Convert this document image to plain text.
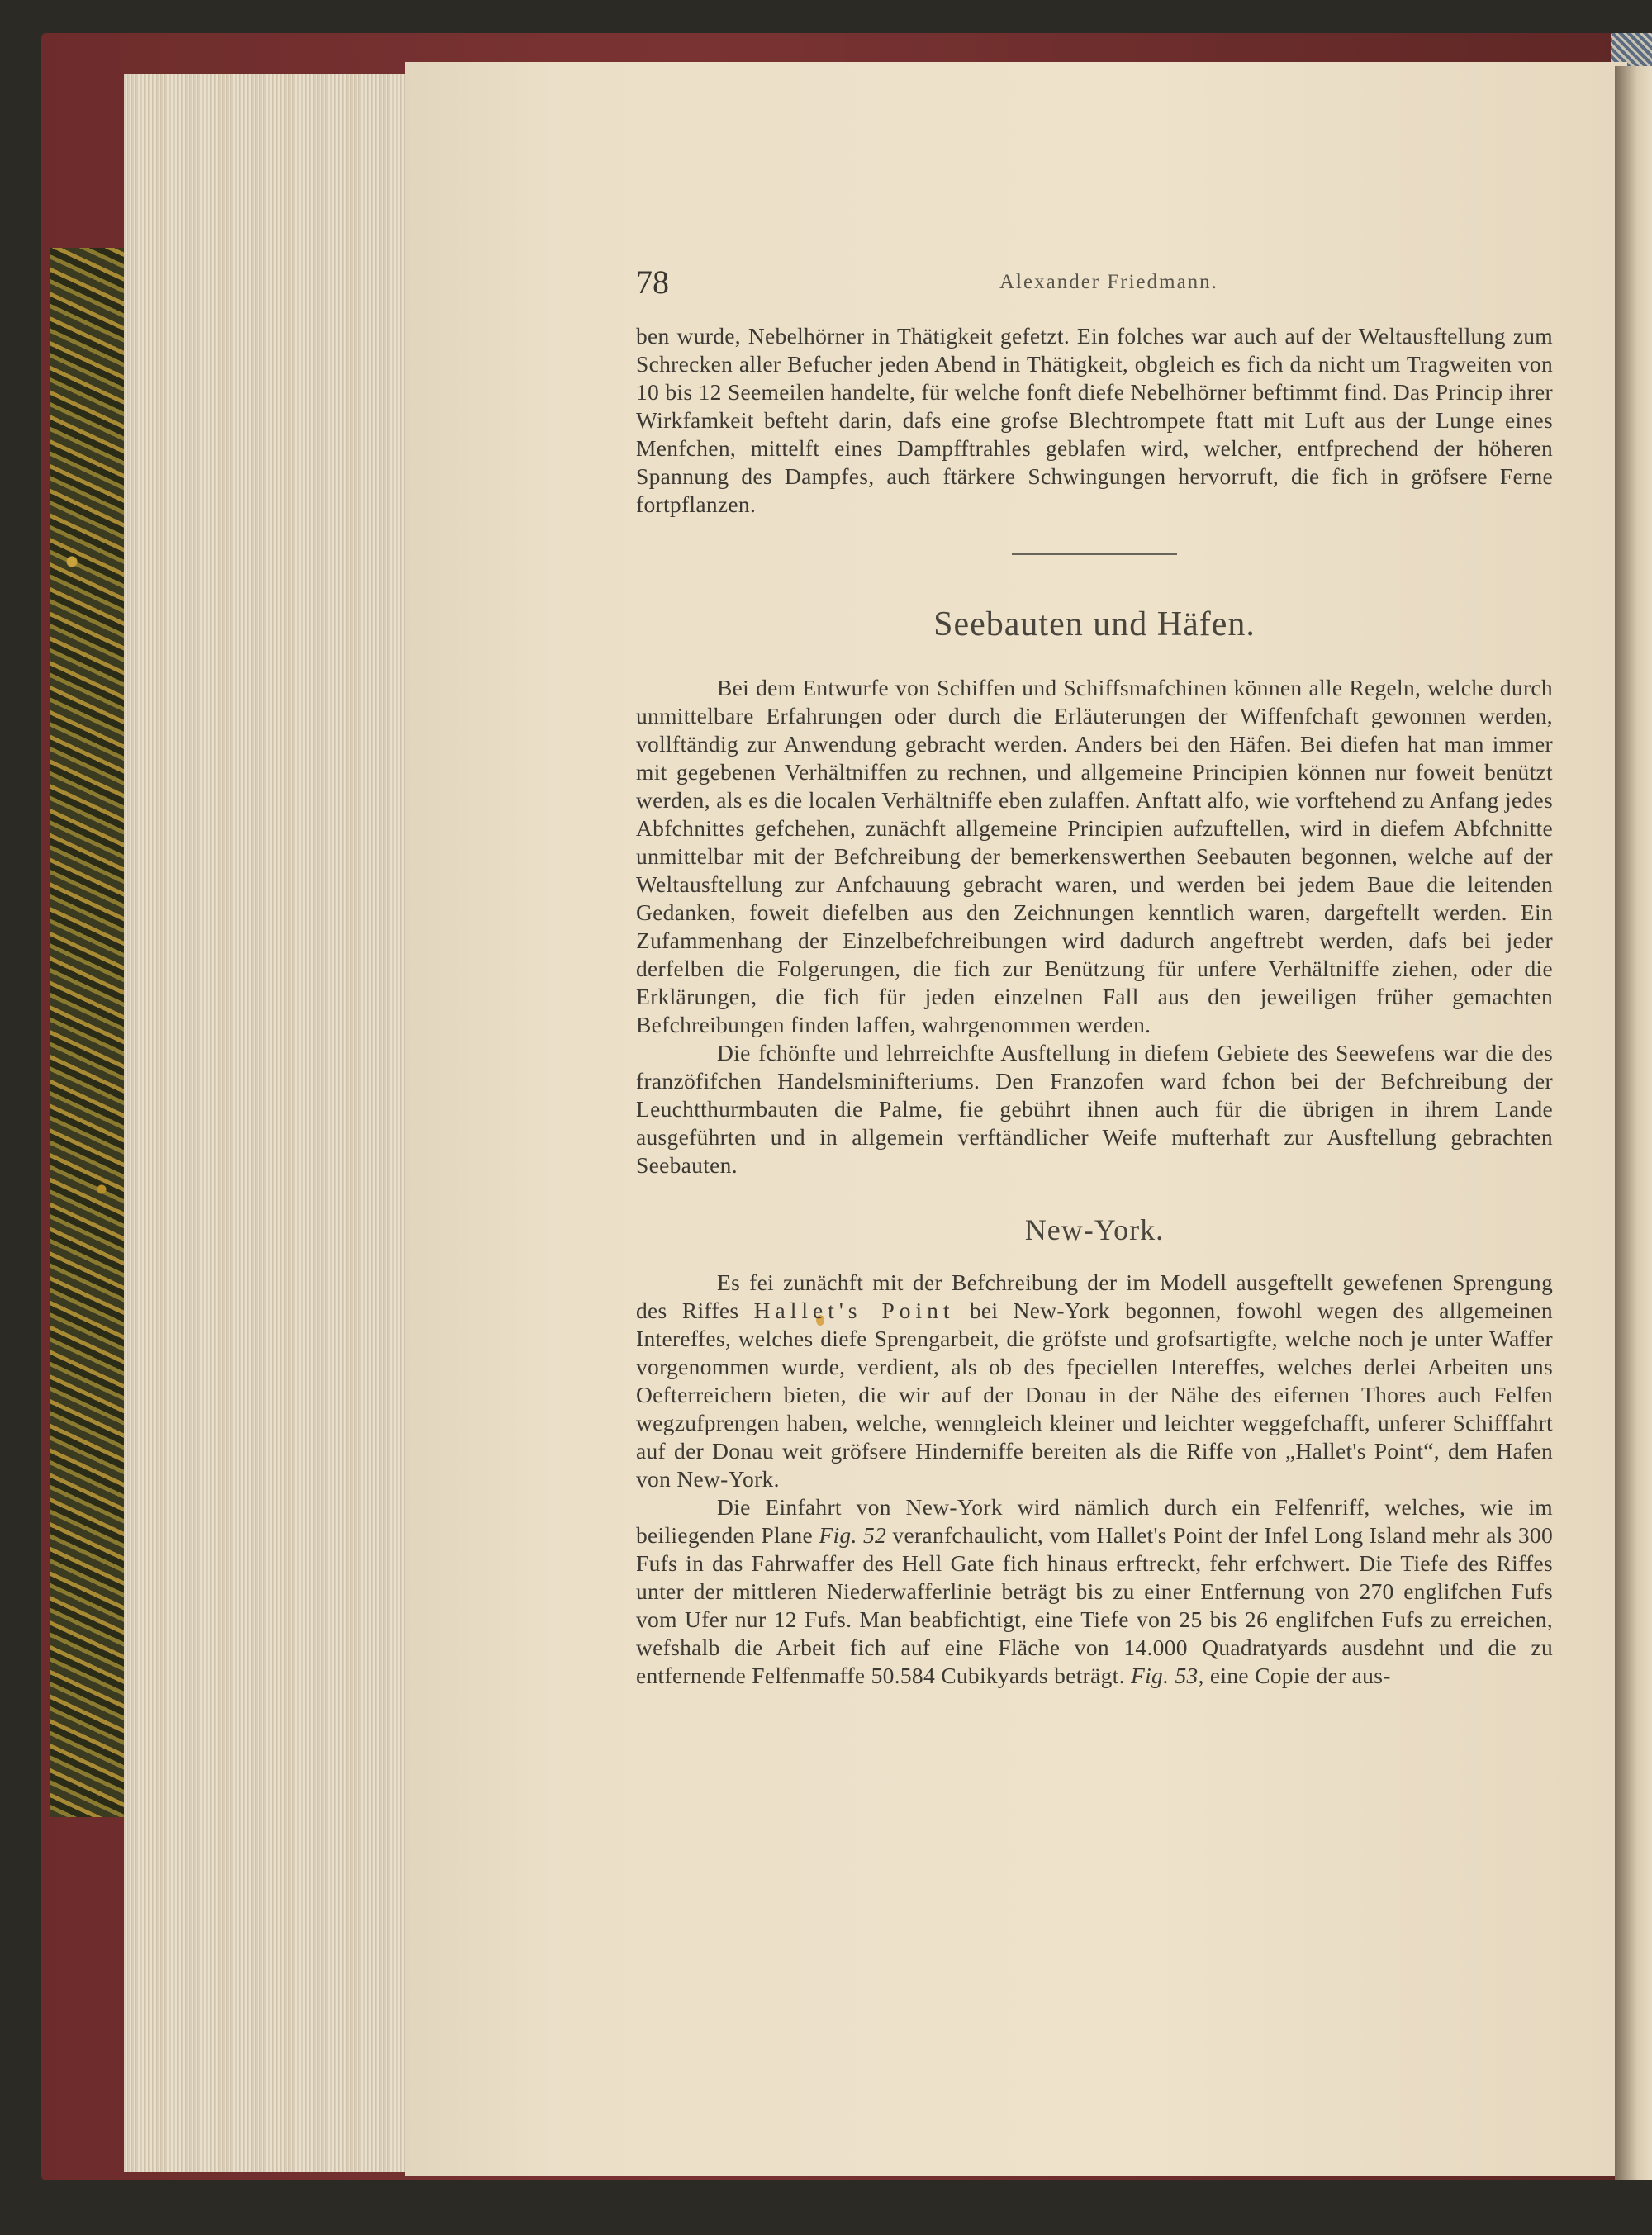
78	Alexander Friedmann.

ben wurde, Nebelhörner in Thätigkeit gefetzt. Ein folches war auch auf der Weltausftellung zum Schrecken aller Befucher jeden Abend in Thätigkeit, obgleich es fich da nicht um Tragweiten von 10 bis 12 Seemeilen handelte, für welche fonft diefe Nebelhörner beftimmt find. Das Princip ihrer Wirkfamkeit befteht darin, dafs eine grofse Blechtrompete ftatt mit Luft aus der Lunge eines Menfchen, mittelft eines Dampfftrahles geblafen wird, welcher, entfprechend der höheren Spannung des Dampfes, auch ftärkere Schwingungen hervorruft, die fich in gröfsere Ferne fortpflanzen.

Seebauten und Häfen.

Bei dem Entwurfe von Schiffen und Schiffsmafchinen können alle Regeln, welche durch unmittelbare Erfahrungen oder durch die Erläuterungen der Wiffenfchaft gewonnen werden, vollftändig zur Anwendung gebracht werden. Anders bei den Häfen. Bei diefen hat man immer mit gegebenen Verhältniffen zu rechnen, und allgemeine Principien können nur foweit benützt werden, als es die localen Verhältniffe eben zulaffen. Anftatt alfo, wie vorftehend zu Anfang jedes Abfchnittes gefchehen, zunächft allgemeine Principien aufzuftellen, wird in diefem Abfchnitte unmittelbar mit der Befchreibung der bemerkenswerthen Seebauten begonnen, welche auf der Weltausftellung zur Anfchauung gebracht waren, und werden bei jedem Baue die leitenden Gedanken, foweit diefelben aus den Zeichnungen kenntlich waren, dargeftellt werden. Ein Zufammenhang der Einzelbefchreibungen wird dadurch angeftrebt werden, dafs bei jeder derfelben die Folgerungen, die fich zur Benützung für unfere Verhältniffe ziehen, oder die Erklärungen, die fich für jeden einzelnen Fall aus den jeweiligen früher gemachten Befchreibungen finden laffen, wahrgenommen werden.

Die fchönfte und lehrreichfte Ausftellung in diefem Gebiete des Seewefens war die des franzöfifchen Handelsminifteriums. Den Franzofen ward fchon bei der Befchreibung der Leuchtthurmbauten die Palme, fie gebührt ihnen auch für die übrigen in ihrem Lande ausgeführten und in allgemein verftändlicher Weife mufterhaft zur Ausftellung gebrachten Seebauten.

New-York.

Es fei zunächft mit der Befchreibung der im Modell ausgeftellt gewefenen Sprengung des Riffes Hallet's Point bei New-York begonnen, fowohl wegen des allgemeinen Intereffes, welches diefe Sprengarbeit, die gröfste und grofsartigfte, welche noch je unter Waffer vorgenommen wurde, verdient, als ob des fpeciellen Intereffes, welches derlei Arbeiten uns Oefterreichern bieten, die wir auf der Donau in der Nähe des eifernen Thores auch Felfen wegzufprengen haben, welche, wenngleich kleiner und leichter weggefchafft, unferer Schifffahrt auf der Donau weit gröfsere Hinderniffe bereiten als die Riffe von „Hallet's Point“, dem Hafen von New-York.

Die Einfahrt von New-York wird nämlich durch ein Felfenriff, welches, wie im beiliegenden Plane Fig. 52 veranfchaulicht, vom Hallet's Point der Infel Long Island mehr als 300 Fufs in das Fahrwaffer des Hell Gate fich hinaus erftreckt, fehr erfchwert. Die Tiefe des Riffes unter der mittleren Niederwafferlinie beträgt bis zu einer Entfernung von 270 englifchen Fufs vom Ufer nur 12 Fufs. Man beabfichtigt, eine Tiefe von 25 bis 26 englifchen Fufs zu erreichen, wefshalb die Arbeit fich auf eine Fläche von 14.000 Quadratyards ausdehnt und die zu entfernende Felfenmaffe 50.584 Cubikyards beträgt. Fig. 53, eine Copie der aus-
